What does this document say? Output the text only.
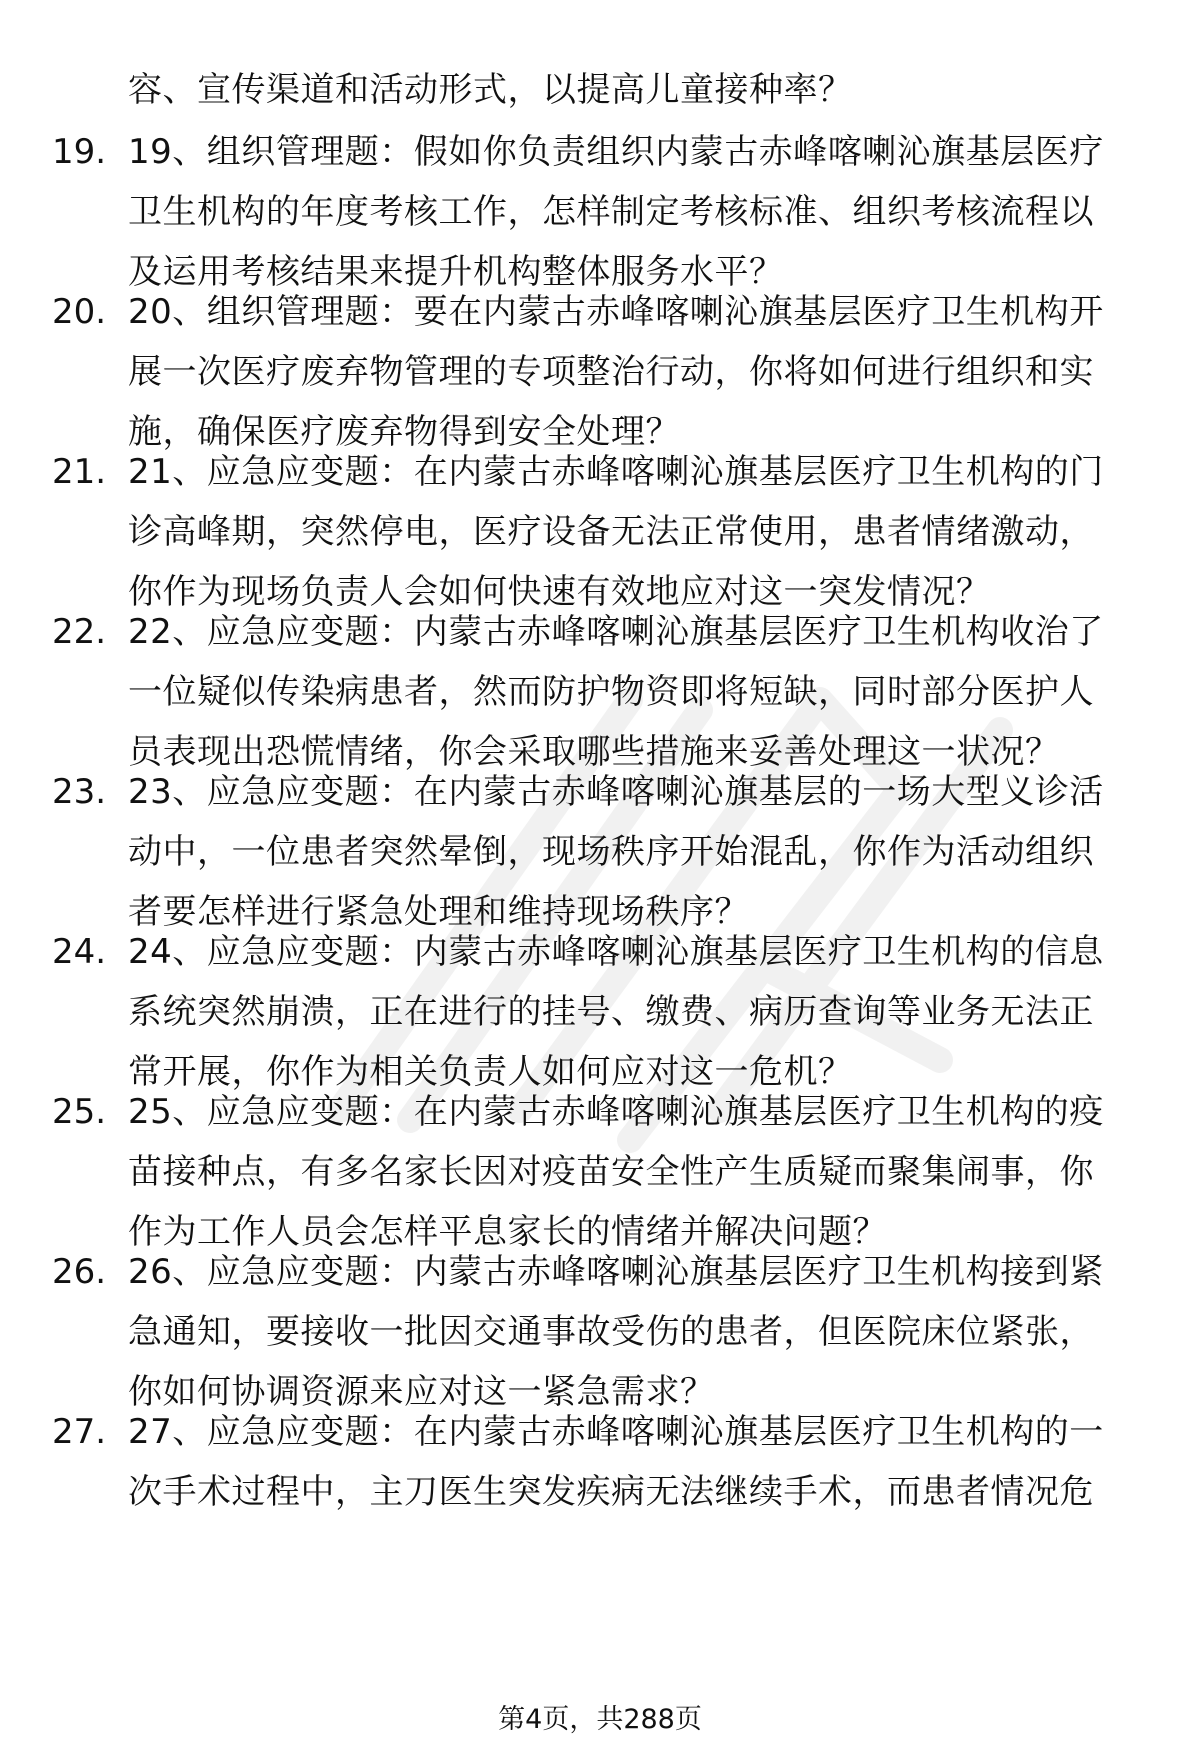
容、宣传渠道和活动形式，以提高儿童接种率？
19. 19、组织管理题：假如你负责组织内蒙古赤峰喀喇沁旗基层医疗
卫生机构的年度考核工作，怎样制定考核标准、组织考核流程以
及运用考核结果来提升机构整体服务水平？
20. 20、组织管理题：要在内蒙古赤峰喀喇沁旗基层医疗卫生机构开
展一次医疗废弃物管理的专项整治行动，你将如何进行组织和实
施，确保医疗废弃物得到安全处理？
21. 21、应急应变题：在内蒙古赤峰喀喇沁旗基层医疗卫生机构的门
诊高峰期，突然停电，医疗设备无法正常使用，患者情绪激动，
你作为现场负责人会如何快速有效地应对这一突发情况？
22. 22、应急应变题：内蒙古赤峰喀喇沁旗基层医疗卫生机构收治了
一位疑似传染病患者，然而防护物资即将短缺，同时部分医护人
员表现出恐慌情绪，你会采取哪些措施来妥善处理这一状况？
23. 23、应急应变题：在内蒙古赤峰喀喇沁旗基层的一场大型义诊活
动中，一位患者突然晕倒，现场秩序开始混乱，你作为活动组织
者要怎样进行紧急处理和维持现场秩序？
24. 24、应急应变题：内蒙古赤峰喀喇沁旗基层医疗卫生机构的信息
系统突然崩溃，正在进行的挂号、缴费、病历查询等业务无法正
常开展，你作为相关负责人如何应对这一危机？
25. 25、应急应变题：在内蒙古赤峰喀喇沁旗基层医疗卫生机构的疫
苗接种点，有多名家长因对疫苗安全性产生质疑而聚集闹事，你
作为工作人员会怎样平息家长的情绪并解决问题？
26. 26、应急应变题：内蒙古赤峰喀喇沁旗基层医疗卫生机构接到紧
急通知，要接收一批因交通事故受伤的患者，但医院床位紧张，
你如何协调资源来应对这一紧急需求？
27. 27、应急应变题：在内蒙古赤峰喀喇沁旗基层医疗卫生机构的一
次手术过程中，主刀医生突发疾病无法继续手术，而患者情况危
第4页，共288页
